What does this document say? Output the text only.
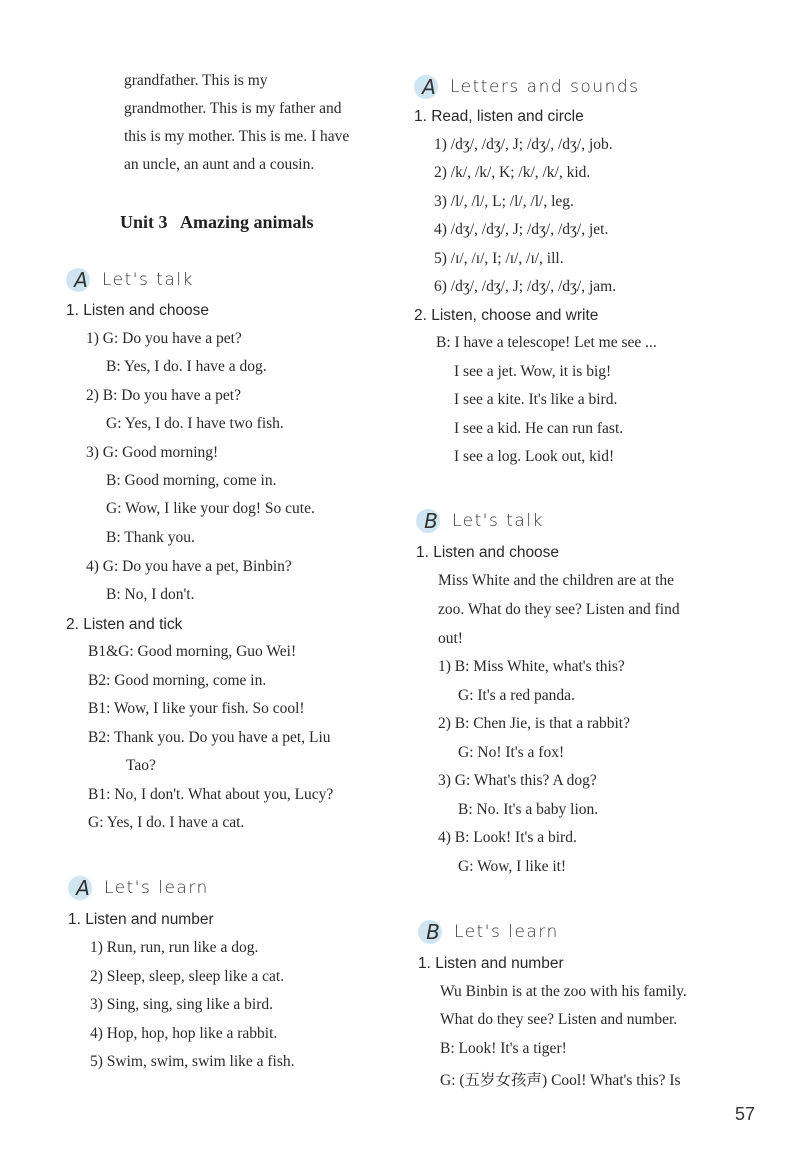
grandfather. This is my
grandmother. This is my father and
this is my mother. This is me. I have
an uncle, an aunt and a cousin.
Unit 3   Amazing animals
A Let's talk
1. Listen and choose
1) G: Do you have a pet?
B: Yes, I do. I have a dog.
2) B: Do you have a pet?
G: Yes, I do. I have two fish.
3) G: Good morning!
B: Good morning, come in.
G: Wow, I like your dog! So cute.
B: Thank you.
4) G: Do you have a pet, Binbin?
B: No, I don't.
2. Listen and tick
B1&G: Good morning, Guo Wei!
B2: Good morning, come in.
B1: Wow, I like your fish. So cool!
B2: Thank you. Do you have a pet, Liu
Tao?
B1: No, I don't. What about you, Lucy?
G: Yes, I do. I have a cat.
A Let's learn
1. Listen and number
1) Run, run, run like a dog.
2) Sleep, sleep, sleep like a cat.
3) Sing, sing, sing like a bird.
4) Hop, hop, hop like a rabbit.
5) Swim, swim, swim like a fish.
A Letters and sounds
1. Read, listen and circle
1) /dʒ/, /dʒ/, J; /dʒ/, /dʒ/, job.
2) /k/, /k/, K; /k/, /k/, kid.
3) /l/, /l/, L; /l/, /l/, leg.
4) /dʒ/, /dʒ/, J; /dʒ/, /dʒ/, jet.
5) /ɪ/, /ɪ/, I; /ɪ/, /ɪ/, ill.
6) /dʒ/, /dʒ/, J; /dʒ/, /dʒ/, jam.
2. Listen, choose and write
B: I have a telescope! Let me see ...
I see a jet. Wow, it is big!
I see a kite. It's like a bird.
I see a kid. He can run fast.
I see a log. Look out, kid!
B Let's talk
1. Listen and choose
Miss White and the children are at the
zoo. What do they see? Listen and find
out!
1) B: Miss White, what's this?
G: It's a red panda.
2) B: Chen Jie, is that a rabbit?
G: No! It's a fox!
3) G: What's this? A dog?
B: No. It's a baby lion.
4) B: Look! It's a bird.
G: Wow, I like it!
B Let's learn
1. Listen and number
Wu Binbin is at the zoo with his family.
What do they see? Listen and number.
B: Look! It's a tiger!
G: (五岁女孩声) Cool! What's this? Is
57
